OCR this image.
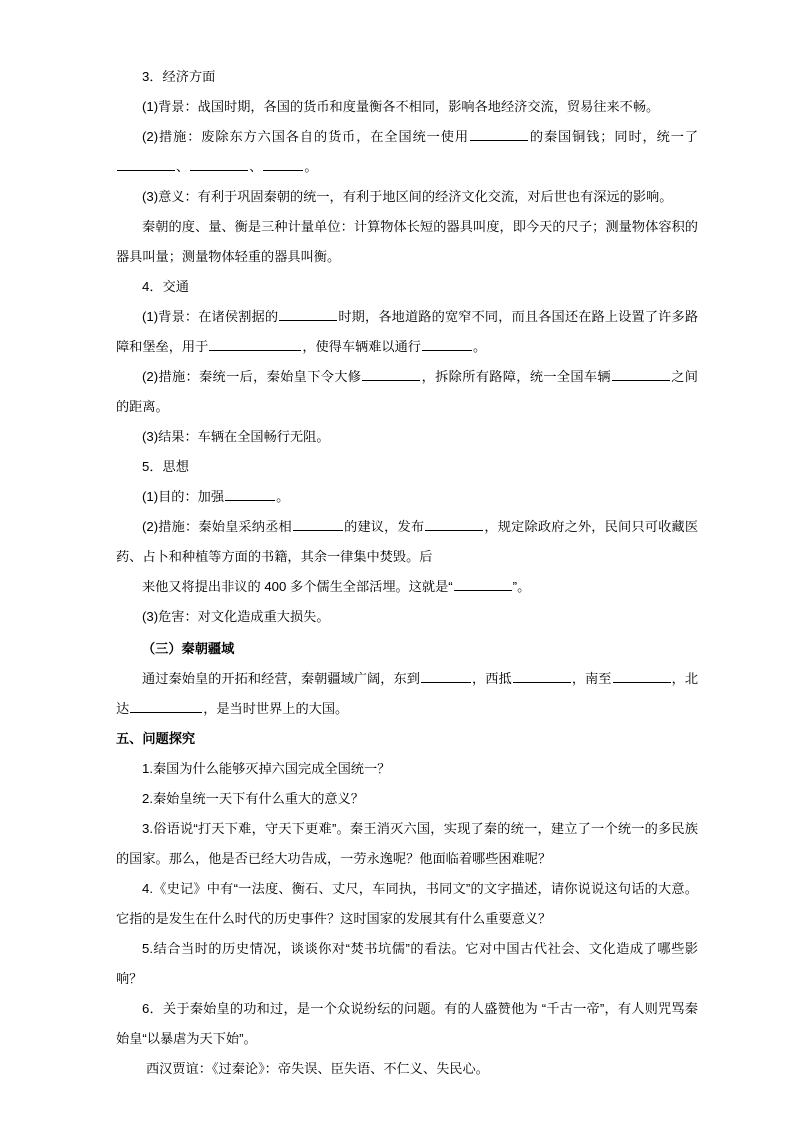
3．经济方面

(1)背景：战国时期，各国的货币和度量衡各不相同，影响各地经济交流，贸易往来不畅。

(2)措施：废除东方六国各自的货币，在全国统一使用	的秦国铜钱；同时，统一了、	、	。

(3)意义：有利于巩固秦朝的统一，有利于地区间的经济文化交流，对后世也有深远的影响。

秦朝的度、量、衡是三种计量单位：计算物体长短的器具叫度，即今天的尺子；测量物体容积的器具叫量；测量物体轻重的器具叫衡。

4．交通

(1)背景：在诸侯割据的	时期，各地道路的宽窄不同，而且各国还在路上设置了许多路障和堡垒，用于	，使得车辆难以通行	。

(2)措施：秦统一后，秦始皇下令大修	，拆除所有路障，统一全国车辆	之间的距离。

(3)结果：车辆在全国畅行无阻。

5．思想

(1)目的：加强	。

(2)措施：秦始皇采纳丞相	的建议，发布	，规定除政府之外，民间只可收藏医药、占卜和种植等方面的书籍，其余一律集中焚毁。后

来他又将提出非议的 400 多个儒生全部活埋。这就是“	”。

(3)危害：对文化造成重大损失。

（三）秦朝疆域

通过秦始皇的开拓和经营，秦朝疆域广阔，东到	，西抵	，南至	，北达	，是当时世界上的大国。

五、问题探究

1.秦国为什么能够灭掉六国完成全国统一？

2.秦始皇统一天下有什么重大的意义？

3.俗语说“打天下难，守天下更难”。秦王消灭六国，实现了秦的统一，建立了一个统一的多民族的国家。那么，他是否已经大功告成，一劳永逸呢？他面临着哪些困难呢？

4.《史记》中有“一法度、衡石、丈尺，车同执，书同文”的文字描述，请你说说这句话的大意。它指的是发生在什么时代的历史事件？这时国家的发展其有什么重要意义？

5.结合当时的历史情况，谈谈你对“焚书坑儒”的看法。它对中国古代社会、文化造成了哪些影响？

6．关于秦始皇的功和过，是一个众说纷纭的问题。有的人盛赞他为 “千古一帝”，有人则咒骂秦始皇“以暴虐为天下始”。

西汉贾谊：《过秦论》：帝失误、臣失语、不仁义、失民心。
